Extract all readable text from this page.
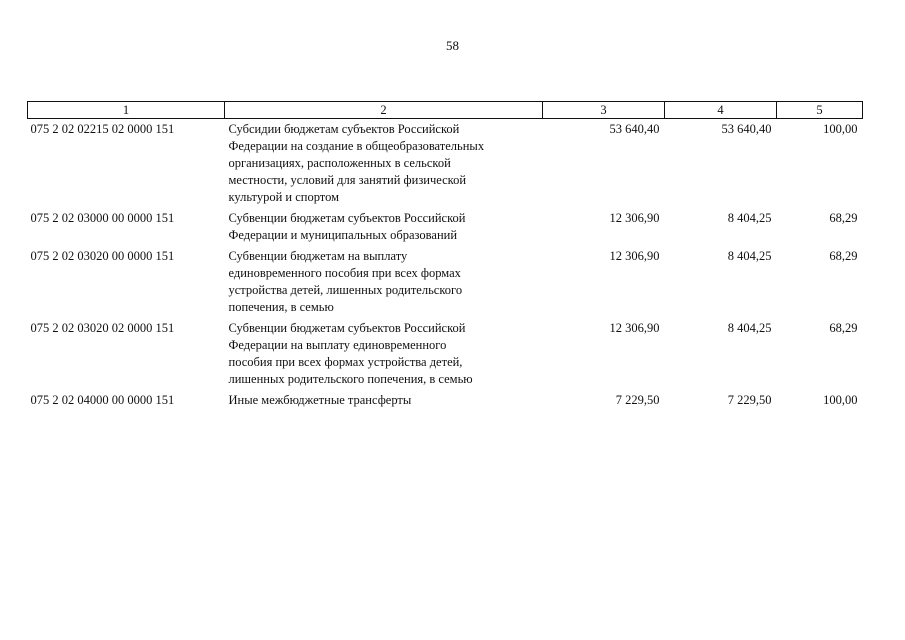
58
1	2	3	4	5
075 2 02 02215 02 0000 151	Субсидии бюджетам субъектов Российской
Федерации на создание в общеобразовательных
организациях, расположенных в сельской
местности, условий для занятий физической
культурой и спортом	53 640,40	53 640,40	100,00
075 2 02 03000 00 0000 151	Субвенции бюджетам субъектов Российской
Федерации и муниципальных образований	12 306,90	8 404,25	68,29
075 2 02 03020 00 0000 151	Субвенции бюджетам на выплату
единовременного пособия при всех формах
устройства детей, лишенных родительского
попечения, в семью	12 306,90	8 404,25	68,29
075 2 02 03020 02 0000 151	Субвенции бюджетам субъектов Российской
Федерации на выплату единовременного
пособия при всех формах устройства детей,
лишенных родительского попечения, в семью	12 306,90	8 404,25	68,29
075 2 02 04000 00 0000 151	Иные межбюджетные трансферты	7 229,50	7 229,50	100,00
